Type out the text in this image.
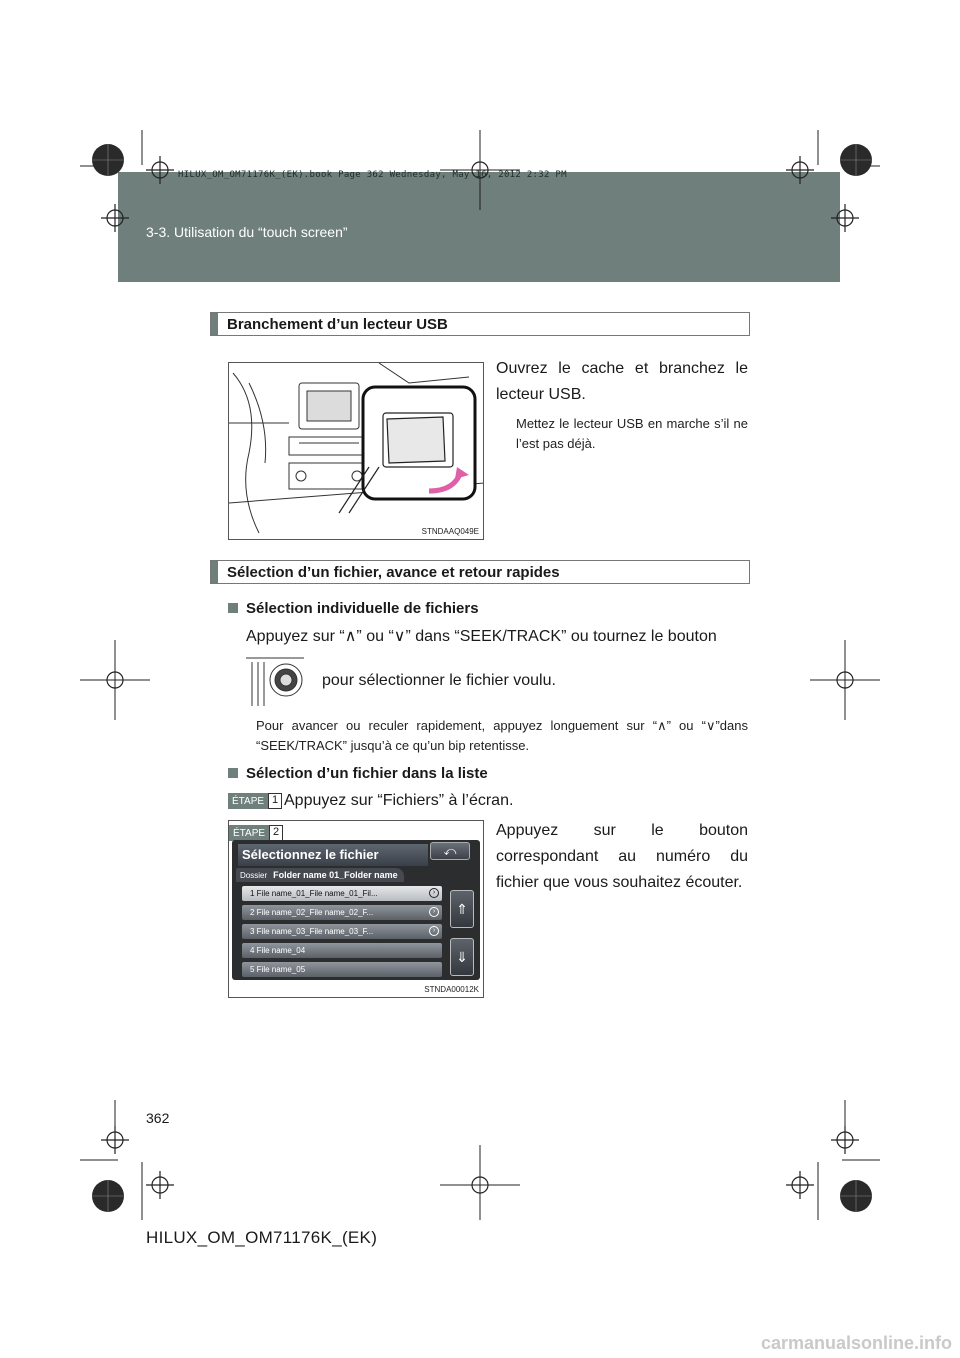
HILUX_OM_OM71176K_(EK).book Page 362 Wednesday, May 16, 2012 2:32 PM
3-3. Utilisation du “touch screen”
Branchement d’un lecteur USB
STNDAAQ049E
Ouvrez le cache et branchez le lecteur USB.
Mettez le lecteur USB en marche s’il ne l’est pas déjà.
Sélection d’un fichier, avance et retour rapides
Sélection individuelle de fichiers
Appuyez sur “∧” ou “∨” dans “SEEK/TRACK” ou tournez le bouton
pour sélectionner le fichier voulu.
Pour avancer ou reculer rapidement, appuyez longuement sur “∧” ou “∨”dans “SEEK/TRACK” jusqu’à ce qu’un bip retentisse.
Sélection d’un fichier dans la liste
ÉTAPE 1 Appuyez sur “Fichiers” à l’écran.
ÉTAPE 2
STNDA00012K
Sélectionnez le fichier	⤺
Dossier Folder name 01_Folder name
1 File name_01_File name_01_Fil...	›
2 File name_02_File name_02_F...	›
3 File name_03_File name_03_F...	›
4 File name_04
5 File name_05
⇑
⇓
Appuyez sur le bouton correspondant au numéro du fichier que vous souhaitez écouter.
362
HILUX_OM_OM71176K_(EK)
carmanualsonline.info
